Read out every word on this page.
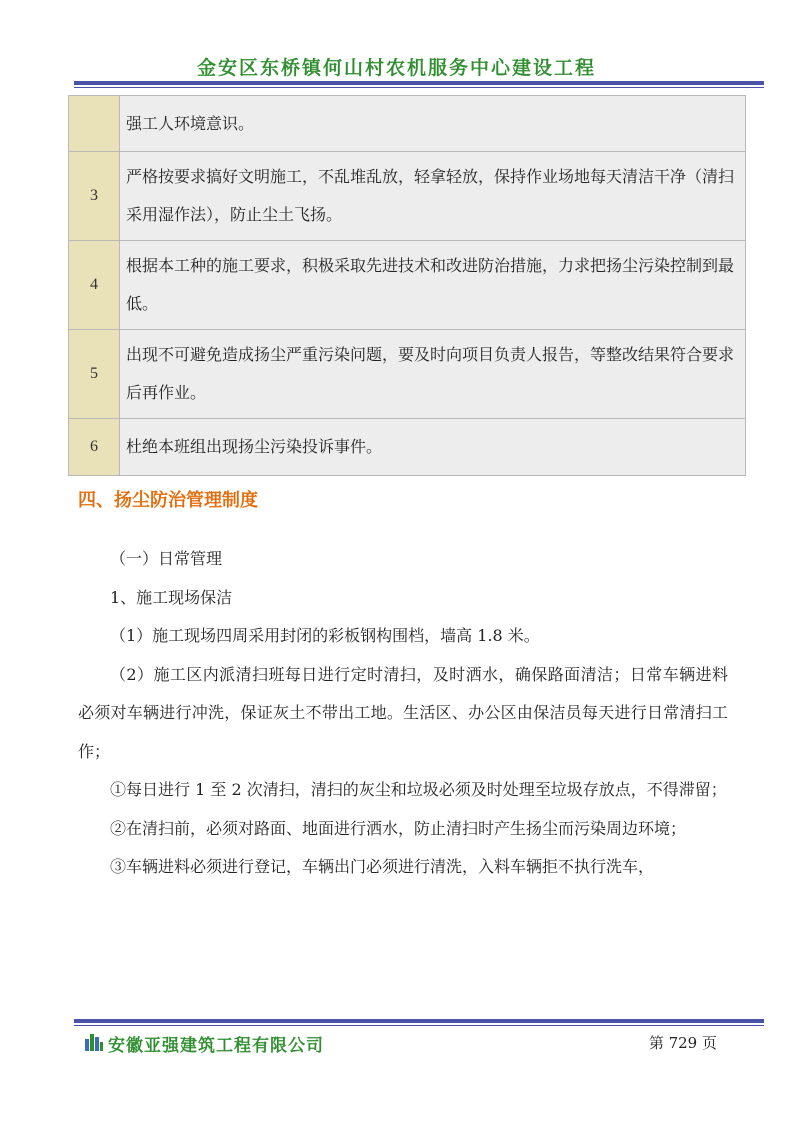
金安区东桥镇何山村农机服务中心建设工程
	强工人环境意识。
3	严格按要求搞好文明施工，不乱堆乱放，轻拿轻放，保持作业场地每天清洁干净（清扫采用湿作法），防止尘土飞扬。
4	根据本工种的施工要求，积极采取先进技术和改进防治措施，力求把扬尘污染控制到最低。
5	出现不可避免造成扬尘严重污染问题，要及时向项目负责人报告，等整改结果符合要求后再作业。
6	杜绝本班组出现扬尘污染投诉事件。
四、扬尘防治管理制度

（一）日常管理

1、施工现场保洁

（1）施工现场四周采用封闭的彩板钢构围档，墙高 1.8 米。

（2）施工区内派清扫班每日进行定时清扫，及时洒水，确保路面清洁；日常车辆进料必须对车辆进行冲洗，保证灰土不带出工地。生活区、办公区由保洁员每天进行日常清扫工作；

①每日进行 1 至 2 次清扫，清扫的灰尘和垃圾必须及时处理至垃圾存放点，不得滞留；

②在清扫前，必须对路面、地面进行洒水，防止清扫时产生扬尘而污染周边环境；

③车辆进料必须进行登记，车辆出门必须进行清洗，入料车辆拒不执行洗车，

安徽亚强建筑工程有限公司	第 729 页
